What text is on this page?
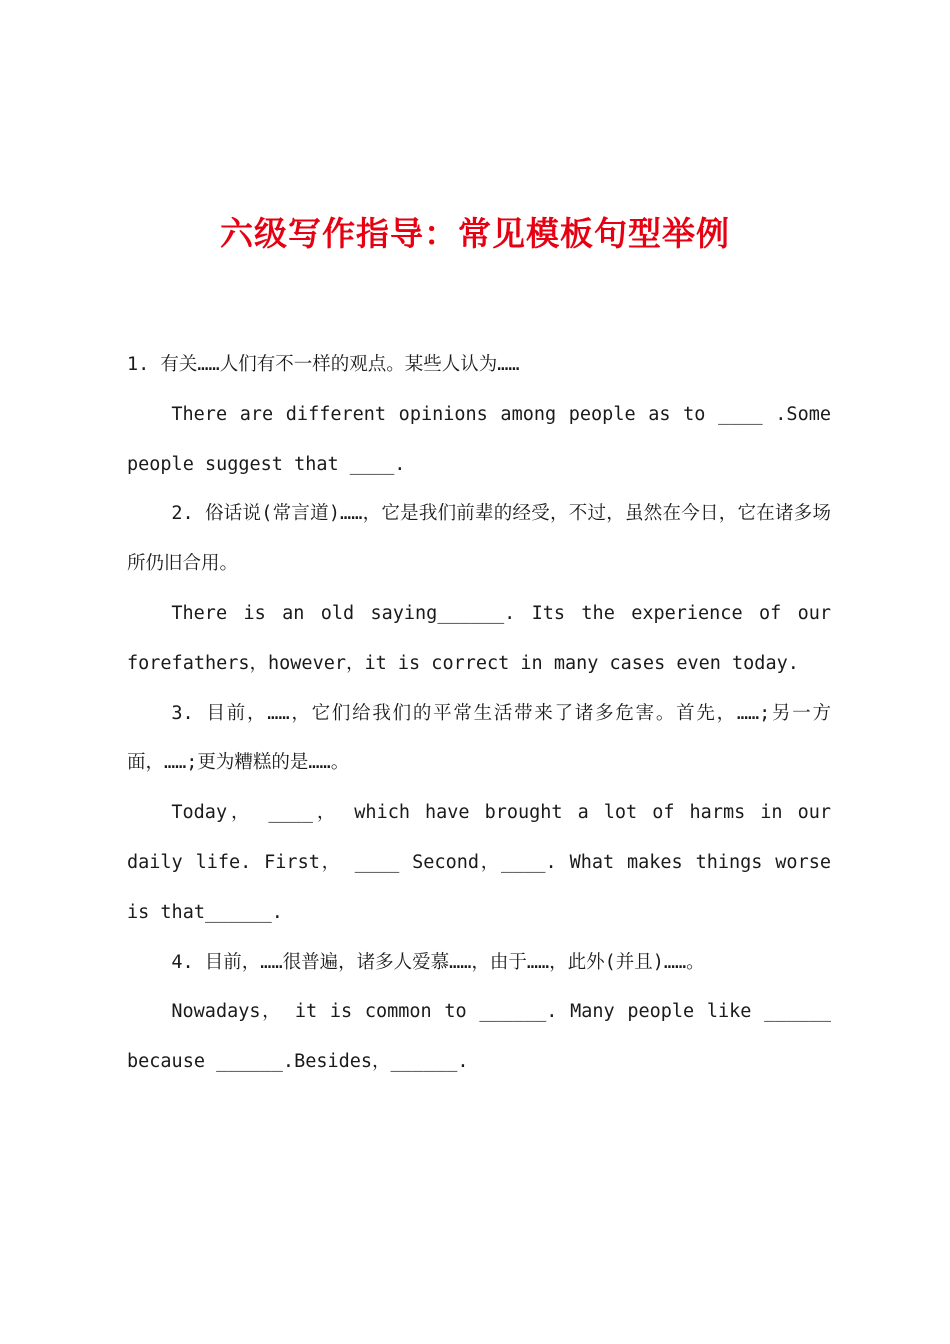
六级写作指导：常见模板句型举例

1. 有关……人们有不一样的观点。某些人认为……

There are different opinions among people as to ____ .Some people suggest that ____.

2. 俗话说(常言道)……，它是我们前辈的经受，不过，虽然在今日，它在诸多场所仍旧合用。

There is an old saying______. Its the experience of our forefathers，however，it is correct in many cases even today.

3. 目前，……，它们给我们的平常生活带来了诸多危害。首先，……;另一方面，……;更为糟糕的是……。

Today， ____， which have brought a lot of harms in our daily life. First， ____ Second，____. What makes things worse is that______.

4. 目前，……很普遍，诸多人爱慕……，由于……，此外(并且)……。

Nowadays， it is common to ______. Many people like ______ because ______.Besides，______.
